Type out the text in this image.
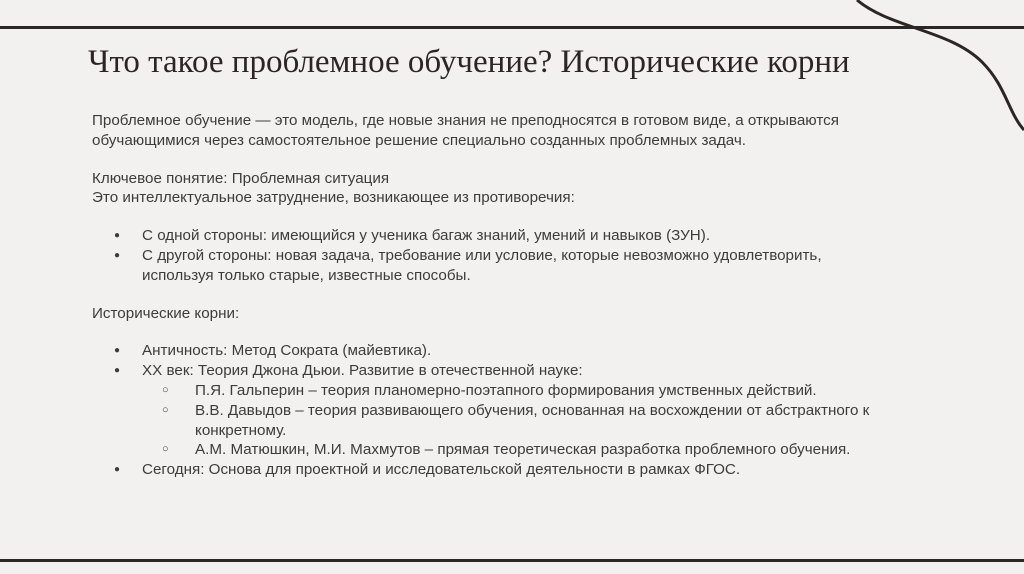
Что такое проблемное обучение? Исторические корни

Проблемное обучение — это модель, где новые знания не преподносятся в готовом виде, а открываются обучающимися через самостоятельное решение специально созданных проблемных задач.

Ключевое понятие: Проблемная ситуация

Это интеллектуальное затруднение, возникающее из противоречия:

● С одной стороны: имеющийся у ученика багаж знаний, умений и навыков (ЗУН).
● С другой стороны: новая задача, требование или условие, которые невозможно удовлетворить, используя только старые, известные способы.

Исторические корни:

● Античность: Метод Сократа (майевтика).
● XX век: Теория Джона Дьюи. Развитие в отечественной науке:
○ П.Я. Гальперин – теория планомерно-поэтапного формирования умственных действий.
○ В.В. Давыдов – теория развивающего обучения, основанная на восхождении от абстрактного к конкретному.
○ А.М. Матюшкин, М.И. Махмутов – прямая теоретическая разработка проблемного обучения.
● Сегодня: Основа для проектной и исследовательской деятельности в рамках ФГОС.
